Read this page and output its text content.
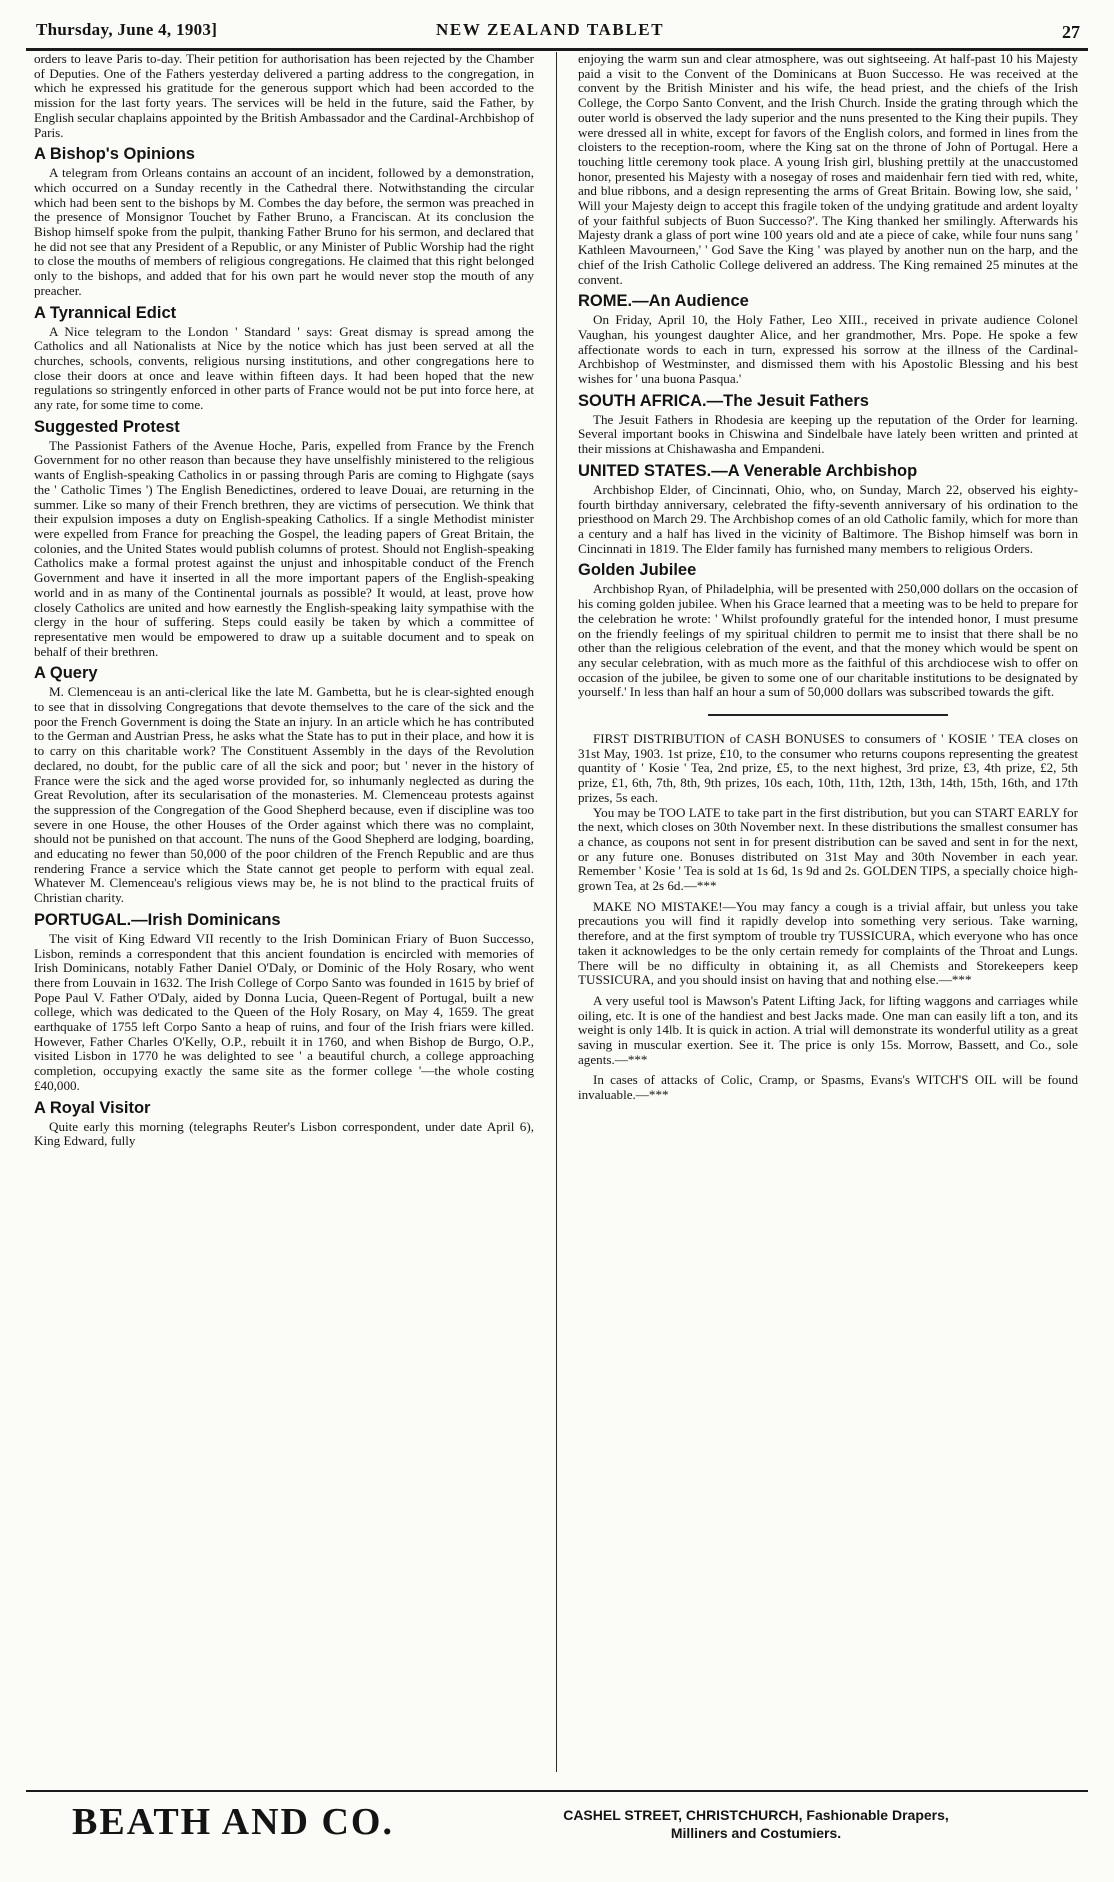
Thursday, June 4, 1903]	NEW ZEALAND TABLET	27

orders to leave Paris to-day. Their petition for authorisation has been rejected by the Chamber of Deputies. One of the Fathers yesterday delivered a parting address to the congregation, in which he expressed his gratitude for the generous support which had been accorded to the mission for the last forty years. The services will be held in the future, said the Father, by English secular chaplains appointed by the British Ambassador and the Cardinal-Archbishop of Paris.

A Bishop's Opinions

A telegram from Orleans contains an account of an incident, followed by a demonstration, which occurred on a Sunday recently in the Cathedral there. Notwithstanding the circular which had been sent to the bishops by M. Combes the day before, the sermon was preached in the presence of Monsignor Touchet by Father Bruno, a Franciscan. At its conclusion the Bishop himself spoke from the pulpit, thanking Father Bruno for his sermon, and declared that he did not see that any President of a Republic, or any Minister of Public Worship had the right to close the mouths of members of religious congregations. He claimed that this right belonged only to the bishops, and added that for his own part he would never stop the mouth of any preacher.

A Tyrannical Edict

A Nice telegram to the London ' Standard ' says: Great dismay is spread among the Catholics and all Nationalists at Nice by the notice which has just been served at all the churches, schools, convents, religious nursing institutions, and other congregations here to close their doors at once and leave within fifteen days. It had been hoped that the new regulations so stringently enforced in other parts of France would not be put into force here, at any rate, for some time to come.

Suggested Protest

The Passionist Fathers of the Avenue Hoche, Paris, expelled from France by the French Government for no other reason than because they have unselfishly ministered to the religious wants of English-speaking Catholics in or passing through Paris are coming to Highgate (says the ' Catholic Times ') The English Benedictines, ordered to leave Douai, are returning in the summer. Like so many of their French brethren, they are victims of persecution. We think that their expulsion imposes a duty on English-speaking Catholics. If a single Methodist minister were expelled from France for preaching the Gospel, the leading papers of Great Britain, the colonies, and the United States would publish columns of protest. Should not English-speaking Catholics make a formal protest against the unjust and inhospitable conduct of the French Government and have it inserted in all the more important papers of the English-speaking world and in as many of the Continental journals as possible? It would, at least, prove how closely Catholics are united and how earnestly the English-speaking laity sympathise with the clergy in the hour of suffering. Steps could easily be taken by which a committee of representative men would be empowered to draw up a suitable document and to speak on behalf of their brethren.

A Query

M. Clemenceau is an anti-clerical like the late M. Gambetta, but he is clear-sighted enough to see that in dissolving Congregations that devote themselves to the care of the sick and the poor the French Government is doing the State an injury. In an article which he has contributed to the German and Austrian Press, he asks what the State has to put in their place, and how it is to carry on this charitable work? The Constituent Assembly in the days of the Revolution declared, no doubt, for the public care of all the sick and poor; but ' never in the history of France were the sick and the aged worse provided for, so inhumanly neglected as during the Great Revolution, after its secularisation of the monasteries. M. Clemenceau protests against the suppression of the Congregation of the Good Shepherd because, even if discipline was too severe in one House, the other Houses of the Order against which there was no complaint, should not be punished on that account. The nuns of the Good Shepherd are lodging, boarding, and educating no fewer than 50,000 of the poor children of the French Republic and are thus rendering France a service which the State cannot get people to perform with equal zeal. Whatever M. Clemenceau's religious views may be, he is not blind to the practical fruits of Christian charity.

PORTUGAL.—Irish Dominicans

The visit of King Edward VII recently to the Irish Dominican Friary of Buon Successo, Lisbon, reminds a correspondent that this ancient foundation is encircled with memories of Irish Dominicans, notably Father Daniel O'Daly, or Dominic of the Holy Rosary, who went there from Louvain in 1632. The Irish College of Corpo Santo was founded in 1615 by brief of Pope Paul V. Father O'Daly, aided by Donna Lucia, Queen-Regent of Portugal, built a new college, which was dedicated to the Queen of the Holy Rosary, on May 4, 1659. The great earthquake of 1755 left Corpo Santo a heap of ruins, and four of the Irish friars were killed. However, Father Charles O'Kelly, O.P., rebuilt it in 1760, and when Bishop de Burgo, O.P., visited Lisbon in 1770 he was delighted to see ' a beautiful church, a college approaching completion, occupying exactly the same site as the former college '—the whole costing £40,000.

A Royal Visitor

Quite early this morning (telegraphs Reuter's Lisbon correspondent, under date April 6), King Edward, fully

enjoying the warm sun and clear atmosphere, was out sightseeing. At half-past 10 his Majesty paid a visit to the Convent of the Dominicans at Buon Successo. He was received at the convent by the British Minister and his wife, the head priest, and the chiefs of the Irish College, the Corpo Santo Convent, and the Irish Church. Inside the grating through which the outer world is observed the lady superior and the nuns presented to the King their pupils. They were dressed all in white, except for favors of the English colors, and formed in lines from the cloisters to the reception-room, where the King sat on the throne of John of Portugal. Here a touching little ceremony took place. A young Irish girl, blushing prettily at the unaccustomed honor, presented his Majesty with a nosegay of roses and maidenhair fern tied with red, white, and blue ribbons, and a design representing the arms of Great Britain. Bowing low, she said, ' Will your Majesty deign to accept this fragile token of the undying gratitude and ardent loyalty of your faithful subjects of Buon Successo?'. The King thanked her smilingly. Afterwards his Majesty drank a glass of port wine 100 years old and ate a piece of cake, while four nuns sang ' Kathleen Mavourneen,' ' God Save the King ' was played by another nun on the harp, and the chief of the Irish Catholic College delivered an address. The King remained 25 minutes at the convent.

ROME.—An Audience

On Friday, April 10, the Holy Father, Leo XIII., received in private audience Colonel Vaughan, his youngest daughter Alice, and her grandmother, Mrs. Pope. He spoke a few affectionate words to each in turn, expressed his sorrow at the illness of the Cardinal-Archbishop of Westminster, and dismissed them with his Apostolic Blessing and his best wishes for ' una buona Pasqua.'

SOUTH AFRICA.—The Jesuit Fathers

The Jesuit Fathers in Rhodesia are keeping up the reputation of the Order for learning. Several important books in Chiswina and Sindelbale have lately been written and printed at their missions at Chishawasha and Empandeni.

UNITED STATES.—A Venerable Archbishop

Archbishop Elder, of Cincinnati, Ohio, who, on Sunday, March 22, observed his eighty-fourth birthday anniversary, celebrated the fifty-seventh anniversary of his ordination to the priesthood on March 29. The Archbishop comes of an old Catholic family, which for more than a century and a half has lived in the vicinity of Baltimore. The Bishop himself was born in Cincinnati in 1819. The Elder family has furnished many members to religious Orders.

Golden Jubilee

Archbishop Ryan, of Philadelphia, will be presented with 250,000 dollars on the occasion of his coming golden jubilee. When his Grace learned that a meeting was to be held to prepare for the celebration he wrote: ' Whilst profoundly grateful for the intended honor, I must presume on the friendly feelings of my spiritual children to permit me to insist that there shall be no other than the religious celebration of the event, and that the money which would be spent on any secular celebration, with as much more as the faithful of this archdiocese wish to offer on occasion of the jubilee, be given to some one of our charitable institutions to be designated by yourself.' In less than half an hour a sum of 50,000 dollars was subscribed towards the gift.

FIRST DISTRIBUTION of CASH BONUSES to consumers of ' KOSIE ' TEA closes on 31st May, 1903. 1st prize, £10, to the consumer who returns coupons representing the greatest quantity of ' Kosie ' Tea, 2nd prize, £5, to the next highest, 3rd prize, £3, 4th prize, £2, 5th prize, £1, 6th, 7th, 8th, 9th prizes, 10s each, 10th, 11th, 12th, 13th, 14th, 15th, 16th, and 17th prizes, 5s each.

You may be TOO LATE to take part in the first distribution, but you can START EARLY for the next, which closes on 30th November next. In these distributions the smallest consumer has a chance, as coupons not sent in for present distribution can be saved and sent in for the next, or any future one. Bonuses distributed on 31st May and 30th November in each year. Remember ' Kosie ' Tea is sold at 1s 6d, 1s 9d and 2s. GOLDEN TIPS, a specially choice high-grown Tea, at 2s 6d.—***

MAKE NO MISTAKE!—You may fancy a cough is a trivial affair, but unless you take precautions you will find it rapidly develop into something very serious. Take warning, therefore, and at the first symptom of trouble try TUSSICURA, which everyone who has once taken it acknowledges to be the only certain remedy for complaints of the Throat and Lungs. There will be no difficulty in obtaining it, as all Chemists and Storekeepers keep TUSSICURA, and you should insist on having that and nothing else.—***

A very useful tool is Mawson's Patent Lifting Jack, for lifting waggons and carriages while oiling, etc. It is one of the handiest and best Jacks made. One man can easily lift a ton, and its weight is only 14lb. It is quick in action. A trial will demonstrate its wonderful utility as a great saving in muscular exertion. See it. The price is only 15s. Morrow, Bassett, and Co., sole agents.—***

In cases of attacks of Colic, Cramp, or Spasms, Evans's WITCH'S OIL will be found invaluable.—***

BEATH AND CO.	CASHEL STREET, CHRISTCHURCH, Fashionable Drapers,
Milliners and Costumiers.
